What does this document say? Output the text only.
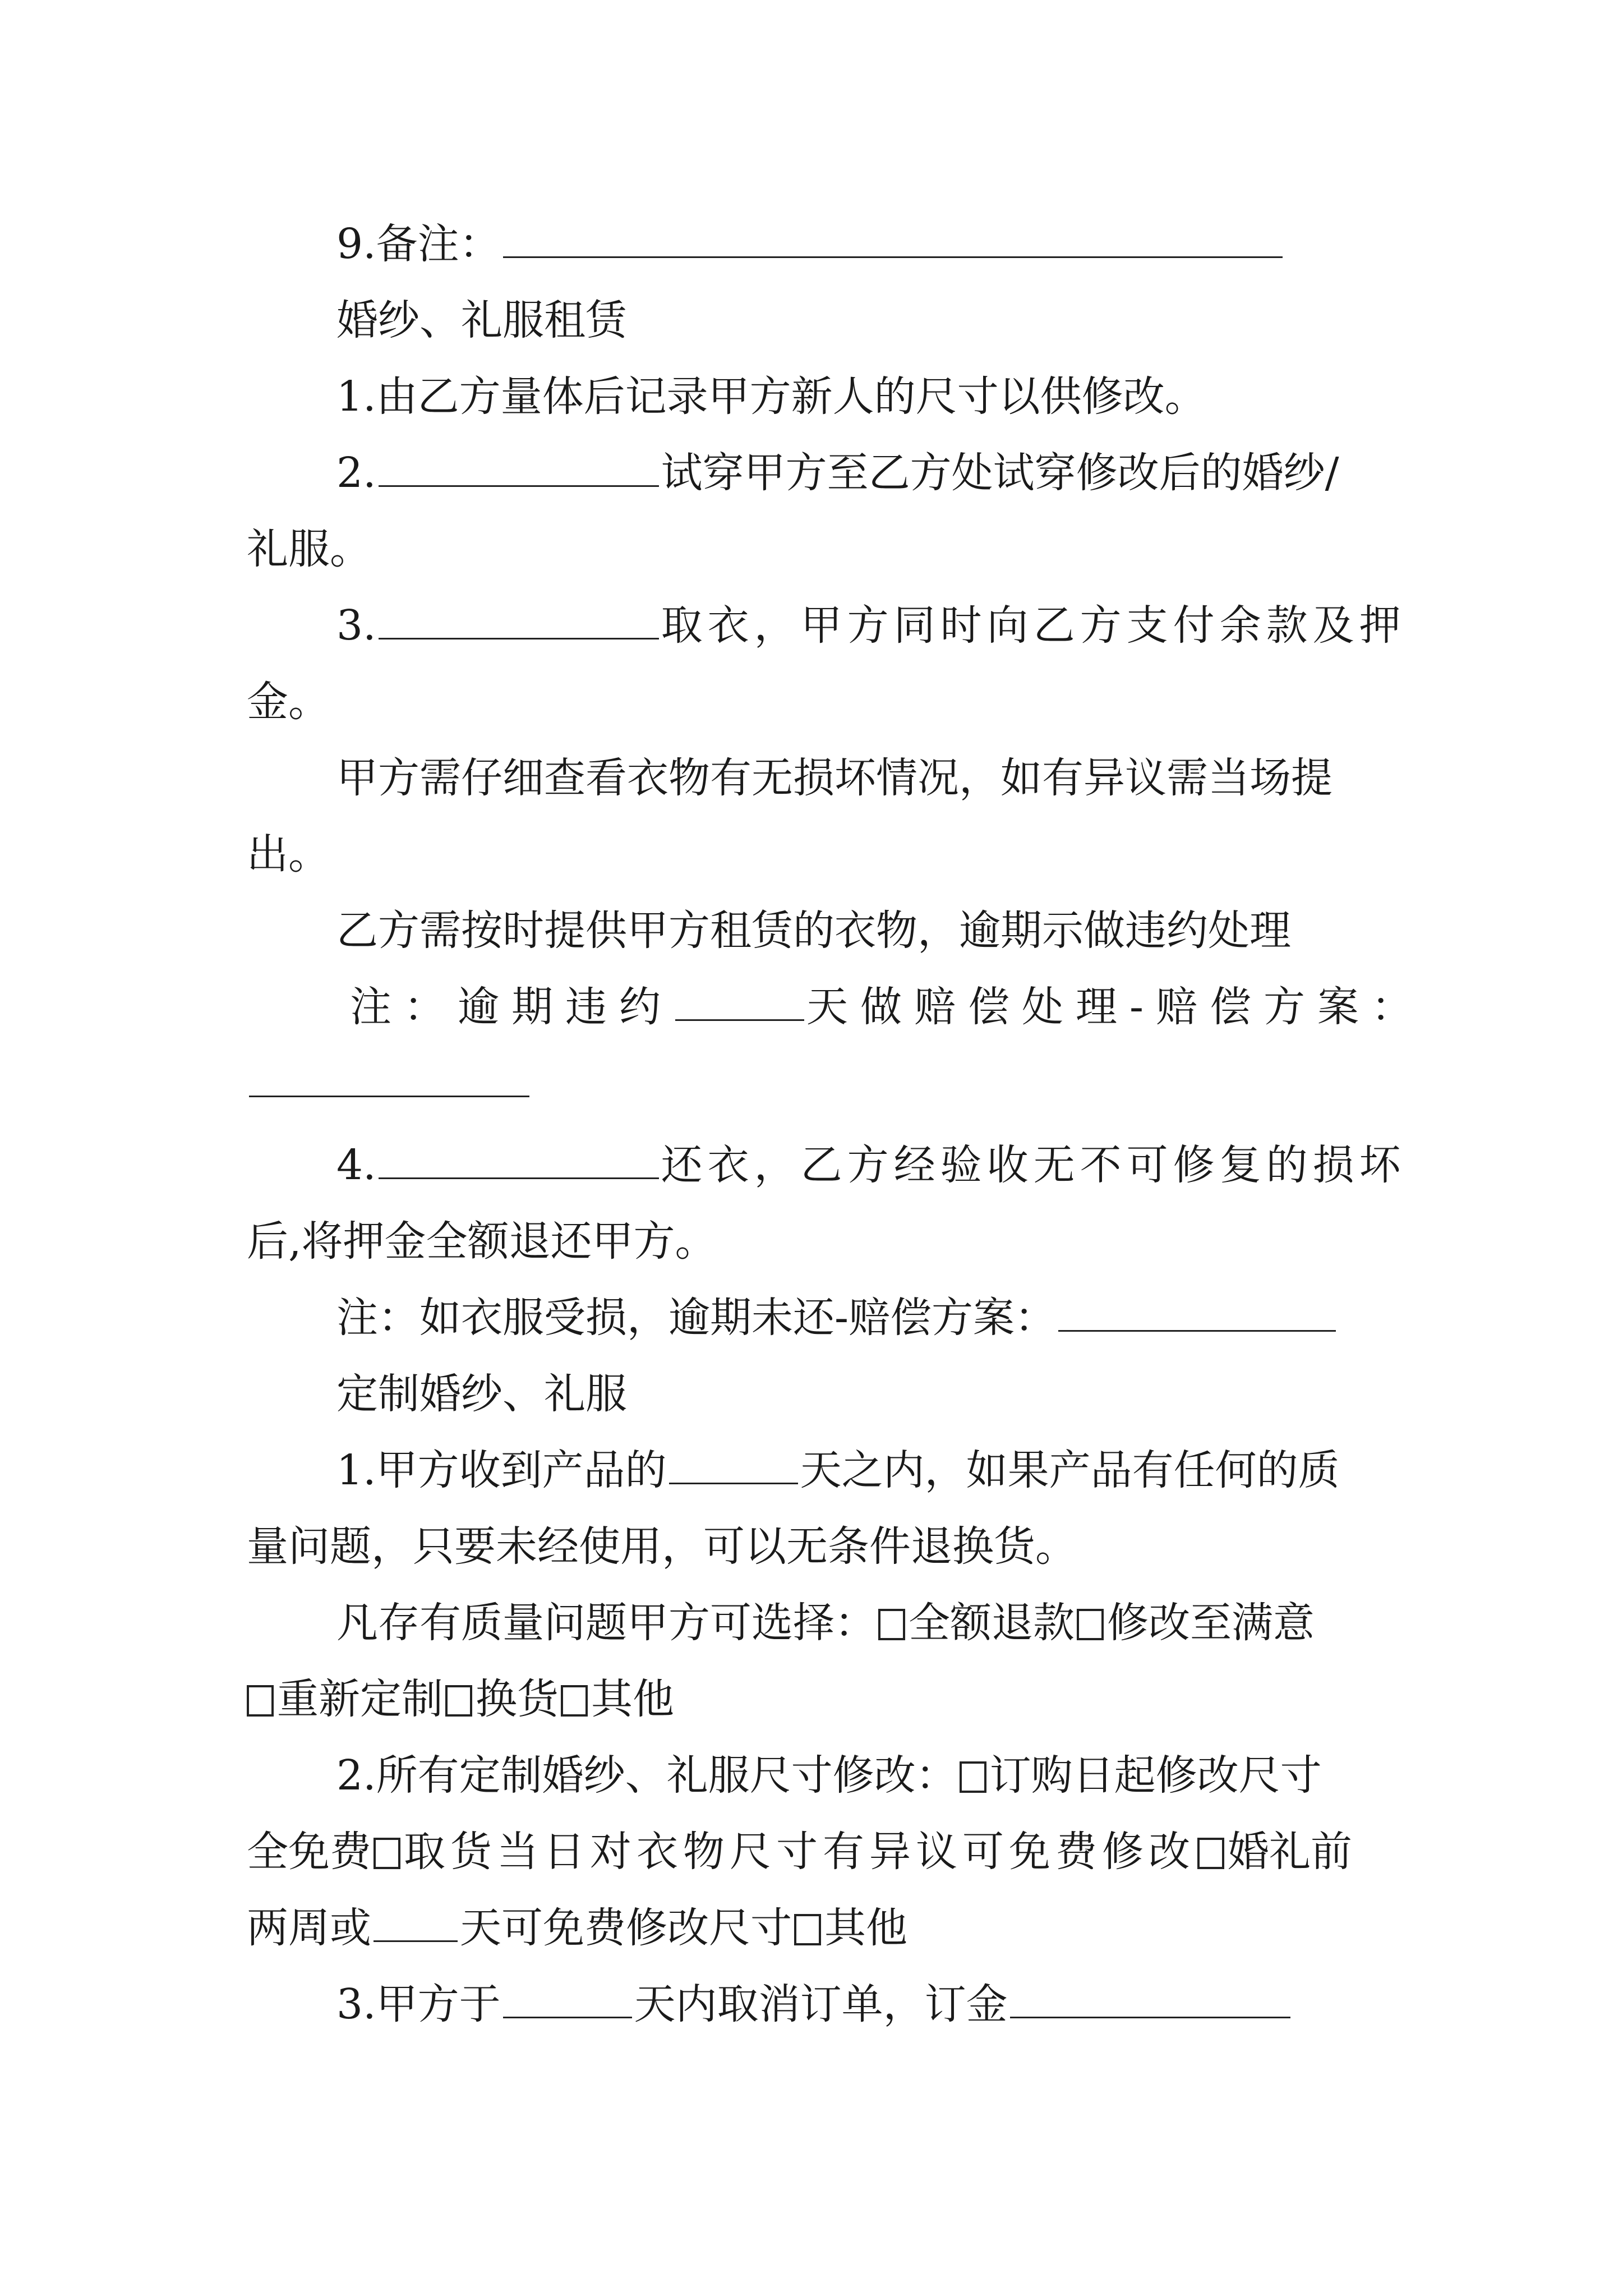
9.备注：
婚纱、礼服租赁
1.由乙方量体后记录甲方新人的尺寸以供修改。
2.	试穿甲方至乙方处试穿修改后的婚纱/
礼服。
3.	取衣，甲方同时向乙方支付余款及押
金。
甲方需仔细查看衣物有无损坏情况，如有异议需当场提
出。
乙方需按时提供甲方租赁的衣物，逾期示做违约处理
注：逾期违约	天做赔偿处理-赔偿方案：
4.	还衣，乙方经验收无不可修复的损坏
后,将押金全额退还甲方。
注：如衣服受损，逾期未还-赔偿方案：
定制婚纱、礼服
1.甲方收到产品的	天之内，如果产品有任何的质
量问题，只要未经使用，可以无条件退换货。
凡存有质量问题甲方可选择： 全额退款 修改至满意
重新定制 换货 其他
2.所有定制婚纱、礼服尺寸修改： 订购日起修改尺寸
全免费 取货当日对衣物尺寸有异议可免费修改 婚礼前
两周或 天可免费修改尺寸 其他
3.甲方于	天内取消订单，订金
